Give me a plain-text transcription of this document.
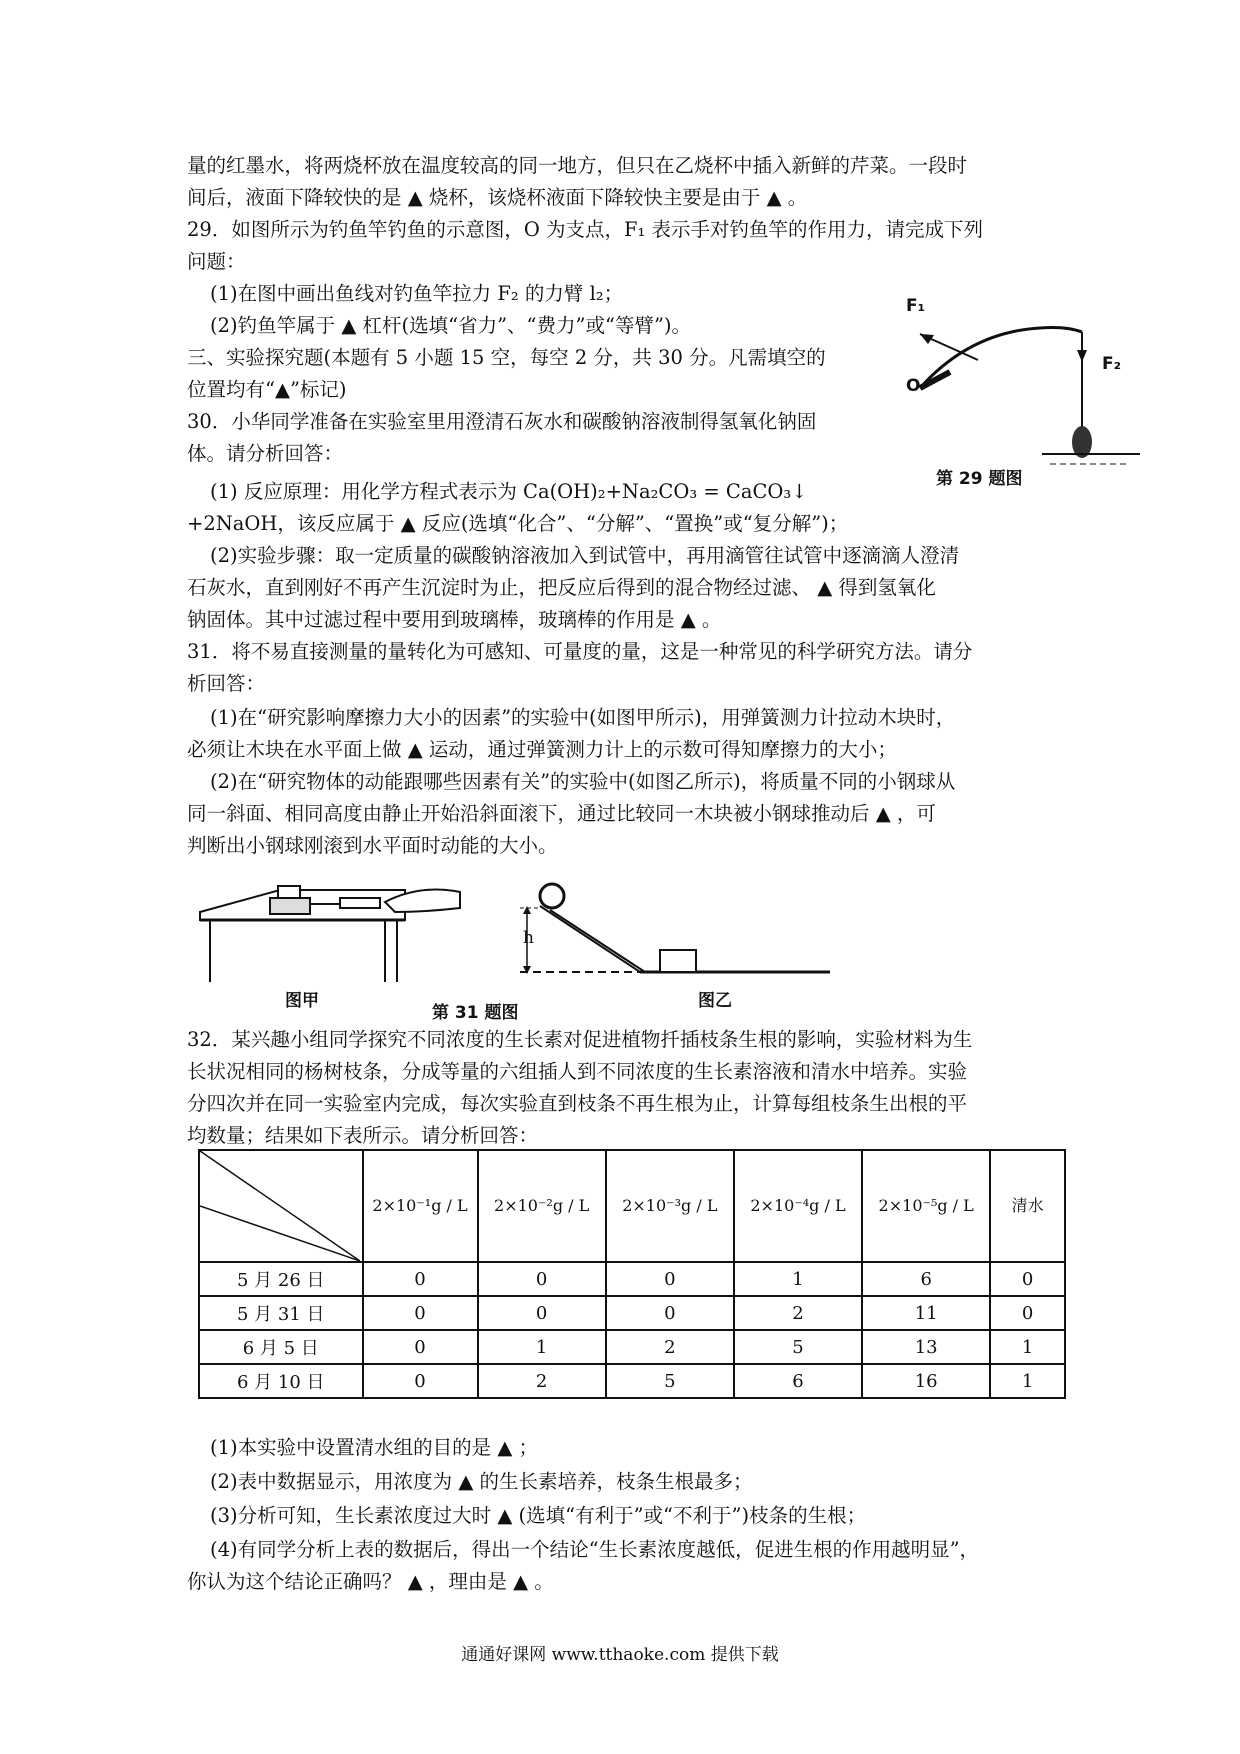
量的红墨水，将两烧杯放在温度较高的同一地方，但只在乙烧杯中插入新鲜的芹菜。一段时
间后，液面下降较快的是 ▲ 烧杯，该烧杯液面下降较快主要是由于 ▲ 。
29．如图所示为钓鱼竿钓鱼的示意图，O 为支点，F₁ 表示手对钓鱼竿的作用力，请完成下列
问题：
(1)在图中画出鱼线对钓鱼竿拉力 F₂ 的力臂 l₂；
(2)钓鱼竿属于 ▲ 杠杆(选填“省力”、“费力”或“等臂”)。
三、实验探究题(本题有 5 小题 15 空，每空 2 分，共 30 分。凡需填空的
位置均有“▲”标记)
30．小华同学准备在实验室里用澄清石灰水和碳酸钠溶液制得氢氧化钠固
体。请分析回答：
(1) 反应原理：用化学方程式表示为 Ca(OH)₂+Na₂CO₃ = CaCO₃↓
+2NaOH，该反应属于 ▲ 反应(选填“化合”、“分解”、“置换”或“复分解”)；
(2)实验步骤：取一定质量的碳酸钠溶液加入到试管中，再用滴管往试管中逐滴滴人澄清
石灰水，直到刚好不再产生沉淀时为止，把反应后得到的混合物经过滤、 ▲ 得到氢氧化
钠固体。其中过滤过程中要用到玻璃棒，玻璃棒的作用是 ▲ 。
31．将不易直接测量的量转化为可感知、可量度的量，这是一种常见的科学研究方法。请分
析回答：
(1)在“研究影响摩擦力大小的因素”的实验中(如图甲所示)，用弹簧测力计拉动木块时，
必须让木块在水平面上做 ▲ 运动，通过弹簧测力计上的示数可得知摩擦力的大小；
(2)在“研究物体的动能跟哪些因素有关”的实验中(如图乙所示)，将质量不同的小钢球从
同一斜面、相同高度由静止开始沿斜面滚下，通过比较同一木块被小钢球推动后 ▲ ，可
判断出小钢球刚滚到水平面时动能的大小。
32．某兴趣小组同学探究不同浓度的生长素对促进植物扦插枝条生根的影响，实验材料为生
长状况相同的杨树枝条，分成等量的六组插人到不同浓度的生长素溶液和清水中培养。实验
分四次并在同一实验室内完成，每次实验直到枝条不再生根为止，计算每组枝条生出根的平
均数量；结果如下表所示。请分析回答：
F₁
F₂
O
第 29 题图
h
图甲
第 31 题图
图乙
	2×10⁻¹g / L	2×10⁻²g / L	2×10⁻³g / L	2×10⁻⁴g / L	2×10⁻⁵g / L	清水
5 月 26 日	0	0	0	1	6	0
5 月 31 日	0	0	0	2	11	0
6 月 5 日	0	1	2	5	13	1
6 月 10 日	0	2	5	6	16	1
(1)本实验中设置清水组的目的是 ▲ ；
(2)表中数据显示，用浓度为 ▲ 的生长素培养，枝条生根最多；
(3)分析可知，生长素浓度过大时 ▲ (选填“有利于”或“不利于”)枝条的生根；
(4)有同学分析上表的数据后，得出一个结论“生长素浓度越低，促进生根的作用越明显”，
你认为这个结论正确吗？ ▲ ，理由是 ▲ 。
通通好课网 www.tthaoke.com 提供下载
